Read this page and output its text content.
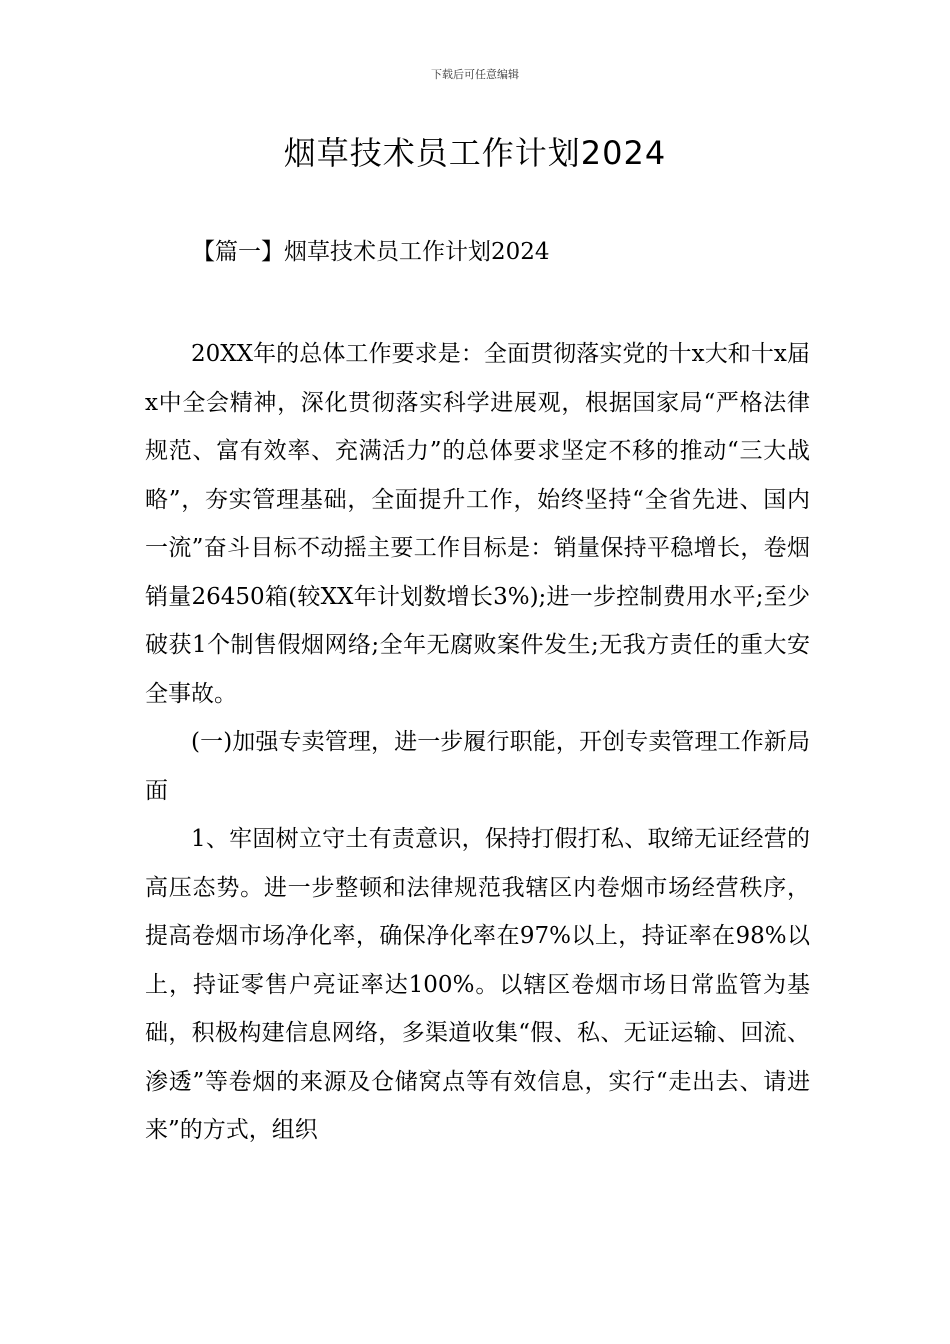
下载后可任意编辑
烟草技术员工作计划2024
【篇一】烟草技术员工作计划2024

20XX年的总体工作要求是：全面贯彻落实党的十x大和十x届x中全会精神，深化贯彻落实科学进展观，根据国家局“严格法律规范、富有效率、充满活力”的总体要求坚定不移的推动“三大战略”，夯实管理基础，全面提升工作，始终坚持“全省先进、国内一流”奋斗目标不动摇主要工作目标是：销量保持平稳增长，卷烟销量26450箱(较XX年计划数增长3%);进一步控制费用水平;至少破获1个制售假烟网络;全年无腐败案件发生;无我方责任的重大安全事故。

(一)加强专卖管理，进一步履行职能，开创专卖管理工作新局面

1、牢固树立守土有责意识，保持打假打私、取缔无证经营的高压态势。进一步整顿和法律规范我辖区内卷烟市场经营秩序，提高卷烟市场净化率，确保净化率在97%以上，持证率在98%以上，持证零售户亮证率达100%。以辖区卷烟市场日常监管为基础，积极构建信息网络，多渠道收集“假、私、无证运输、回流、渗透”等卷烟的来源及仓储窝点等有效信息，实行“走出去、请进来”的方式，组织
